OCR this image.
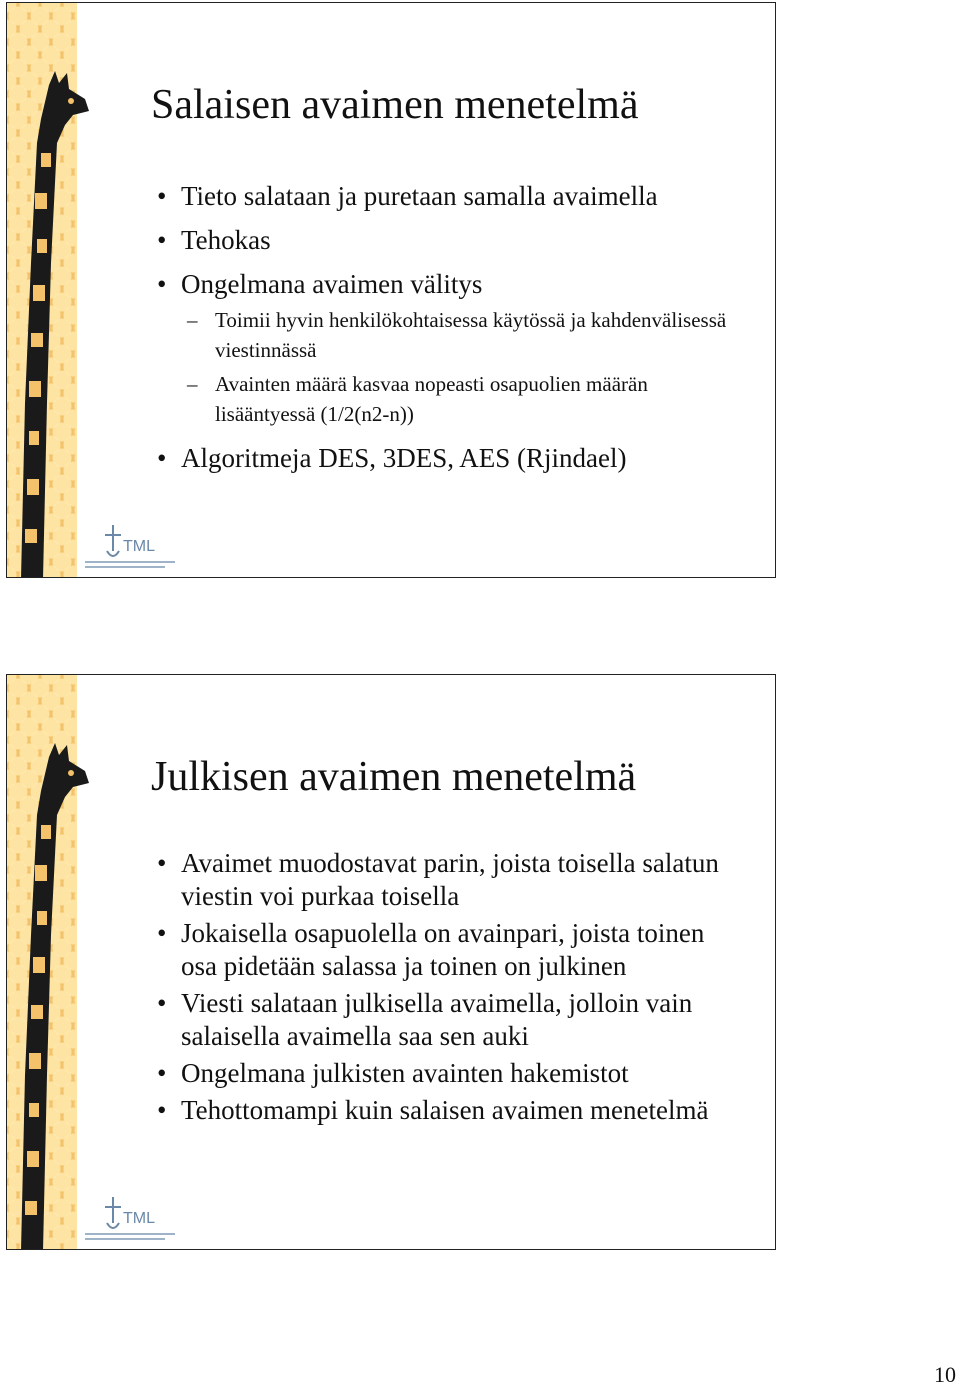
TML
Salaisen avaimen menetelmä
• Tieto salataan ja puretaan samalla avaimella
• Tehokas
• Ongelmana avaimen välitys
– Toimii hyvin henkilökohtaisessa käytössä ja kahdenvälisessä viestinnässä
– Avainten määrä kasvaa nopeasti osapuolien määrän lisääntyessä (1/2(n2-n))
• Algoritmeja DES, 3DES, AES (Rjindael)
TML
Julkisen avaimen menetelmä
• Avaimet muodostavat parin, joista toisella salatun viestin voi purkaa toisella
• Jokaisella osapuolella on avainpari, joista toinen osa pidetään salassa ja toinen on julkinen
• Viesti salataan julkisella avaimella, jolloin vain salaisella avaimella saa sen auki
• Ongelmana julkisten avainten hakemistot
• Tehottomampi kuin salaisen avaimen menetelmä
10
